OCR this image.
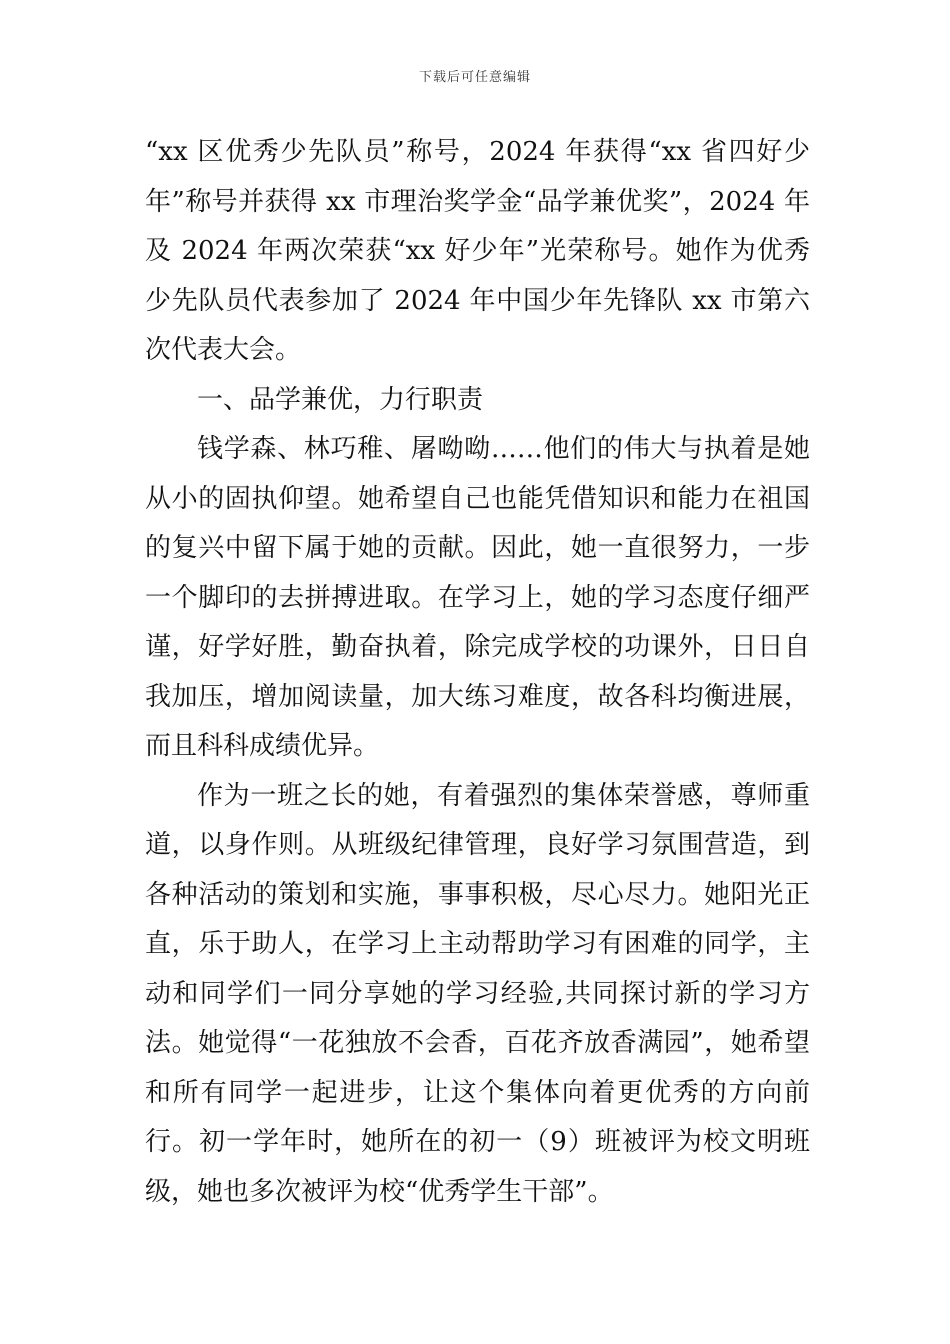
下载后可任意编辑

“xx 区优秀少先队员”称号，2024 年获得“xx 省四好少年”称号并获得 xx 市理治奖学金“品学兼优奖”，2024 年及 2024 年两次荣获“xx 好少年”光荣称号。她作为优秀少先队员代表参加了 2024 年中国少年先锋队 xx 市第六次代表大会。

一、品学兼优，力行职责

钱学森、林巧稚、屠呦呦……他们的伟大与执着是她从小的固执仰望。她希望自己也能凭借知识和能力在祖国的复兴中留下属于她的贡献。因此，她一直很努力，一步一个脚印的去拼搏进取。在学习上，她的学习态度仔细严谨，好学好胜，勤奋执着，除完成学校的功课外，日日自我加压，增加阅读量，加大练习难度，故各科均衡进展，而且科科成绩优异。

作为一班之长的她，有着强烈的集体荣誉感，尊师重道，以身作则。从班级纪律管理，良好学习氛围营造，到各种活动的策划和实施，事事积极，尽心尽力。她阳光正直，乐于助人，在学习上主动帮助学习有困难的同学，主动和同学们一同分享她的学习经验,共同探讨新的学习方法。她觉得“一花独放不会香，百花齐放香满园”，她希望和所有同学一起进步，让这个集体向着更优秀的方向前行。初一学年时，她所在的初一（9）班被评为校文明班级，她也多次被评为校“优秀学生干部”。
